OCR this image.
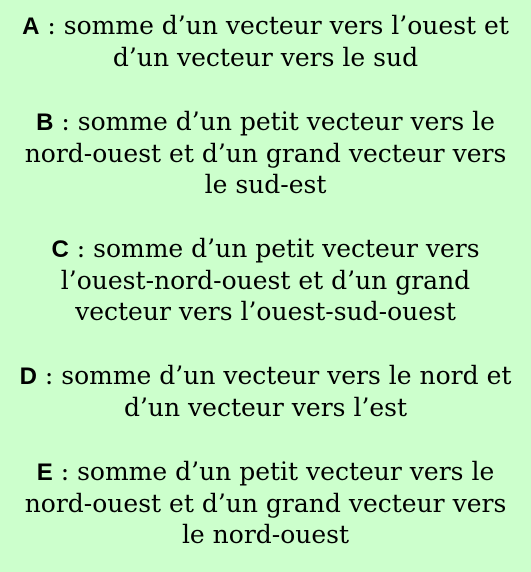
A : somme d’un vecteur vers l’ouest et d’un vecteur vers le sud

B : somme d’un petit vecteur vers le nord-ouest et d’un grand vecteur vers le sud-est

C : somme d’un petit vecteur vers l’ouest-nord-ouest et d’un grand vecteur vers l’ouest-sud-ouest

D : somme d’un vecteur vers le nord et d’un vecteur vers l’est

E : somme d’un petit vecteur vers le nord-ouest et d’un grand vecteur vers le nord-ouest
